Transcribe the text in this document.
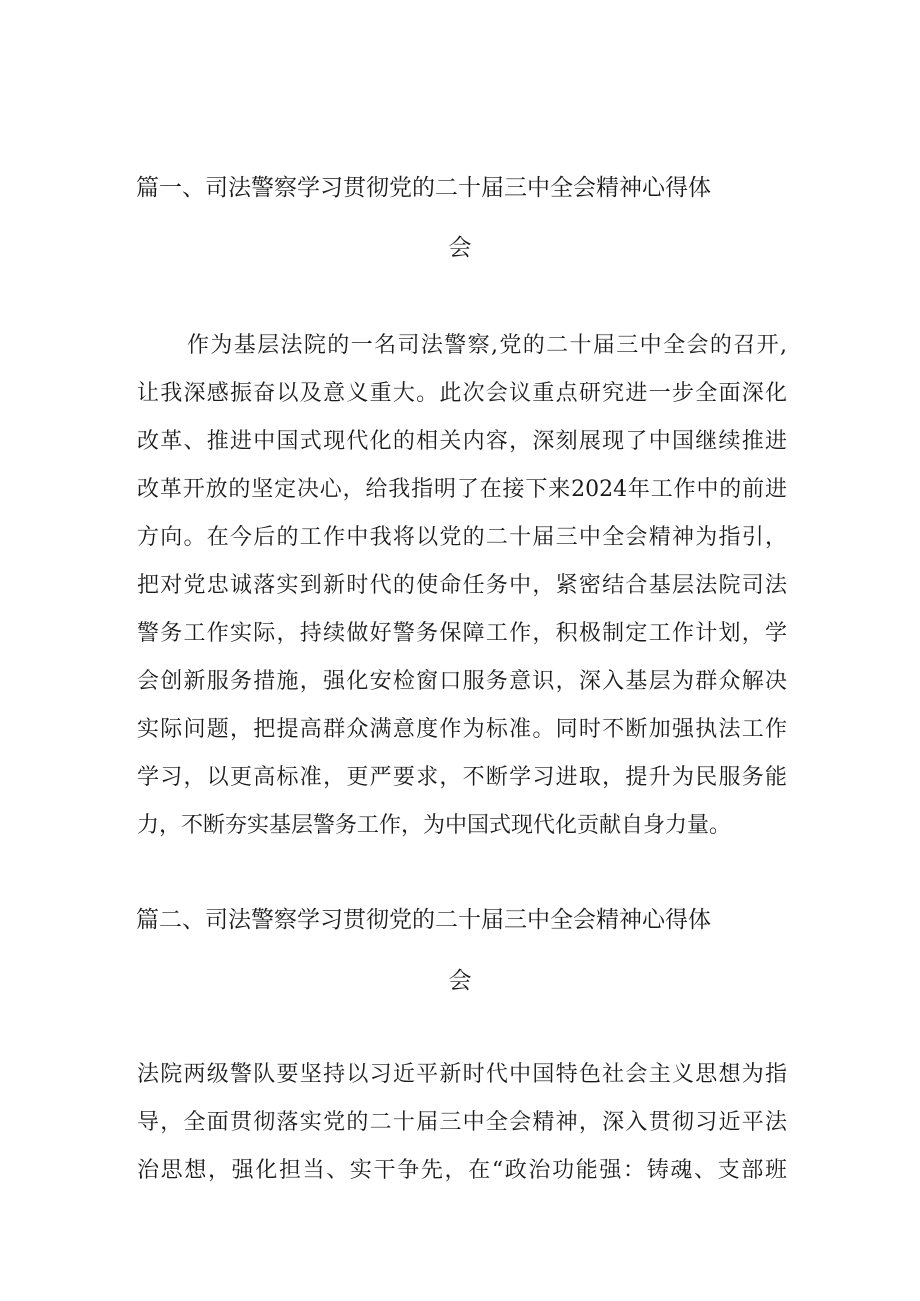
篇一、司法警察学习贯彻党的二十届三中全会精神心得体
会
作为基层法院的一名司法警察,党的二十届三中全会的召开,
让我深感振奋以及意义重大。此次会议重点研究进一步全面深化
改革、推进中国式现代化的相关内容，深刻展现了中国继续推进
改革开放的坚定决心，给我指明了在接下来2024年工作中的前进
方向。在今后的工作中我将以党的二十届三中全会精神为指引，
把对党忠诚落实到新时代的使命任务中，紧密结合基层法院司法
警务工作实际，持续做好警务保障工作，积极制定工作计划，学
会创新服务措施，强化安检窗口服务意识，深入基层为群众解决
实际问题，把提高群众满意度作为标准。同时不断加强执法工作
学习，以更高标准，更严要求，不断学习进取，提升为民服务能
力，不断夯实基层警务工作，为中国式现代化贡献自身力量。
篇二、司法警察学习贯彻党的二十届三中全会精神心得体
会
法院两级警队要坚持以习近平新时代中国特色社会主义思想为指
导，全面贯彻落实党的二十届三中全会精神，深入贯彻习近平法
治思想，强化担当、实干争先，在“政治功能强：铸魂、支部班
